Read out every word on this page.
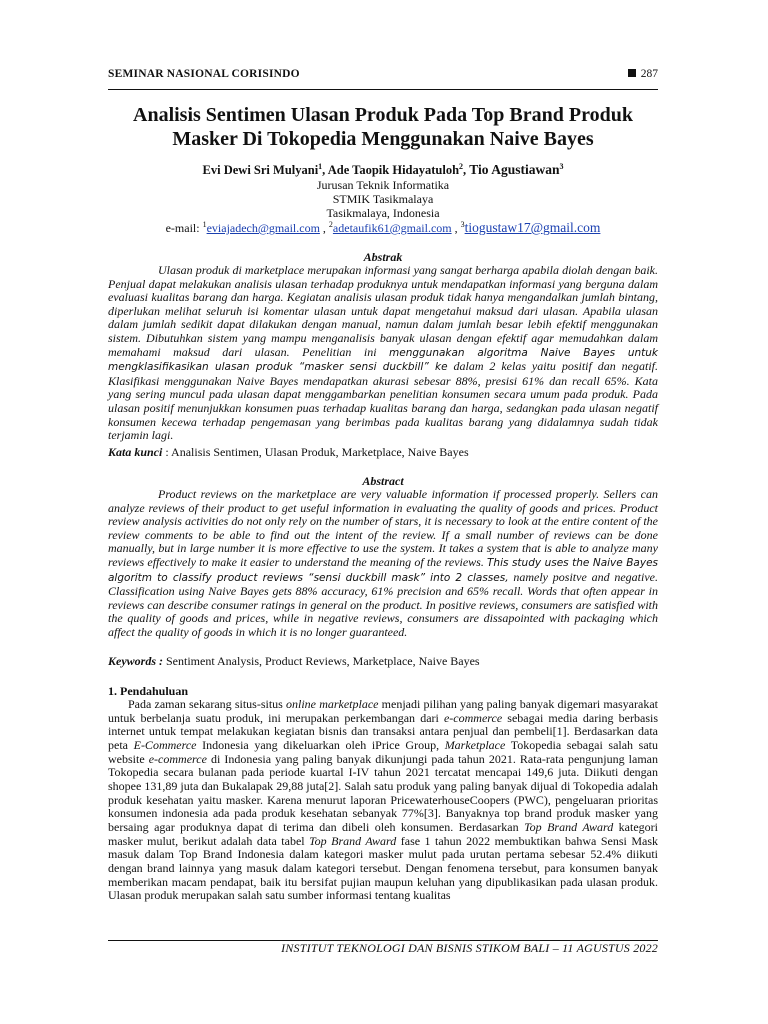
SEMINAR NASIONAL CORISINDO	287
Analisis Sentimen Ulasan Produk Pada Top Brand Produk Masker Di Tokopedia Menggunakan Naive Bayes
Evi Dewi Sri Mulyani$^1$, Ade Taopik Hidayatuloh$^2$, Tio Agustiawan$^3$
Jurusan Teknik Informatika
STMIK Tasikmalaya
Tasikmalaya, Indonesia
e-mail: $^1$eviajadech@gmail.com , $^2$adetaufik61@gmail.com , $^3$tiogustaw17@gmail.com
Abstrak
Ulasan produk di marketplace merupakan informasi yang sangat berharga apabila diolah dengan baik. Penjual dapat melakukan analisis ulasan terhadap produknya untuk mendapatkan informasi yang berguna dalam evaluasi kualitas barang dan harga. Kegiatan analisis ulasan produk tidak hanya mengandalkan jumlah bintang, diperlukan melihat seluruh isi komentar ulasan untuk dapat mengetahui maksud dari ulasan. Apabila ulasan dalam jumlah sedikit dapat dilakukan dengan manual, namun dalam jumlah besar lebih efektif menggunakan sistem. Dibutuhkan sistem yang mampu menganalisis banyak ulasan dengan efektif agar memudahkan dalam memahami maksud dari ulasan. Penelitian ini menggunakan algoritma Naive Bayes untuk mengklasifikasikan ulasan produk “masker sensi duckbill” ke dalam 2 kelas yaitu positif dan negatif. Klasifikasi menggunakan Naive Bayes mendapatkan akurasi sebesar 88%, presisi 61% dan recall 65%. Kata yang sering muncul pada ulasan dapat menggambarkan penelitian konsumen secara umum pada produk. Pada ulasan positif menunjukkan konsumen puas terhadap kualitas barang dan harga, sedangkan pada ulasan negatif konsumen kecewa terhadap pengemasan yang berimbas pada kualitas barang yang didalamnya sudah tidak terjamin lagi.
Kata kunci : Analisis Sentimen, Ulasan Produk, Marketplace, Naive Bayes
Abstract
Product reviews on the marketplace are very valuable information if processed properly. Sellers can analyze reviews of their product to get useful information in evaluating the quality of goods and prices. Product review analysis activities do not only rely on the number of stars, it is necessary to look at the entire content of the review comments to be able to find out the intent of the review. If a small number of reviews can be done manually, but in large number it is more effective to use the system. It takes a system that is able to analyze many reviews effectively to make it easier to understand the meaning of the reviews. This study uses the Naive Bayes algoritm to classify product reviews “sensi duckbill mask” into 2 classes, namely positve and negative. Classification using Naive Bayes gets 88% accuracy, 61% precision and 65% recall. Words that often appear in reviews can describe consumer ratings in general on the product. In positive reviews, consumers are satisfied with the quality of goods and prices, while in negative reviews, consumers are dissapointed with packaging which affect the quality of goods in which it is no longer guaranteed.
Keywords : Sentiment Analysis, Product Reviews, Marketplace, Naive Bayes
1. Pendahuluan
Pada zaman sekarang situs-situs online marketplace menjadi pilihan yang paling banyak digemari masyarakat untuk berbelanja suatu produk, ini merupakan perkembangan dari e-commerce sebagai media daring berbasis internet untuk tempat melakukan kegiatan bisnis dan transaksi antara penjual dan pembeli[1]. Berdasarkan data peta E-Commerce Indonesia yang dikeluarkan oleh iPrice Group, Marketplace Tokopedia sebagai salah satu website e-commerce di Indonesia yang paling banyak dikunjungi pada tahun 2021. Rata-rata pengunjung laman Tokopedia secara bulanan pada periode kuartal I-IV tahun 2021 tercatat mencapai 149,6 juta. Diikuti dengan shopee 131,89 juta dan Bukalapak 29,88 juta[2]. Salah satu produk yang paling banyak dijual di Tokopedia adalah produk kesehatan yaitu masker. Karena menurut laporan PricewaterhouseCoopers (PWC), pengeluaran prioritas konsumen indonesia ada pada produk kesehatan sebanyak 77%[3]. Banyaknya top brand produk masker yang bersaing agar produknya dapat di terima dan dibeli oleh konsumen. Berdasarkan Top Brand Award kategori masker mulut, berikut adalah data tabel Top Brand Award fase 1 tahun 2022 membuktikan bahwa Sensi Mask masuk dalam Top Brand Indonesia dalam kategori masker mulut pada urutan pertama sebesar 52.4% diikuti dengan brand lainnya yang masuk dalam kategori tersebut. Dengan fenomena tersebut, para konsumen banyak memberikan macam pendapat, baik itu bersifat pujian maupun keluhan yang dipublikasikan pada ulasan produk. Ulasan produk merupakan salah satu sumber informasi tentang kualitas
INSTITUT TEKNOLOGI DAN BISNIS STIKOM BALI – 11 AGUSTUS 2022
